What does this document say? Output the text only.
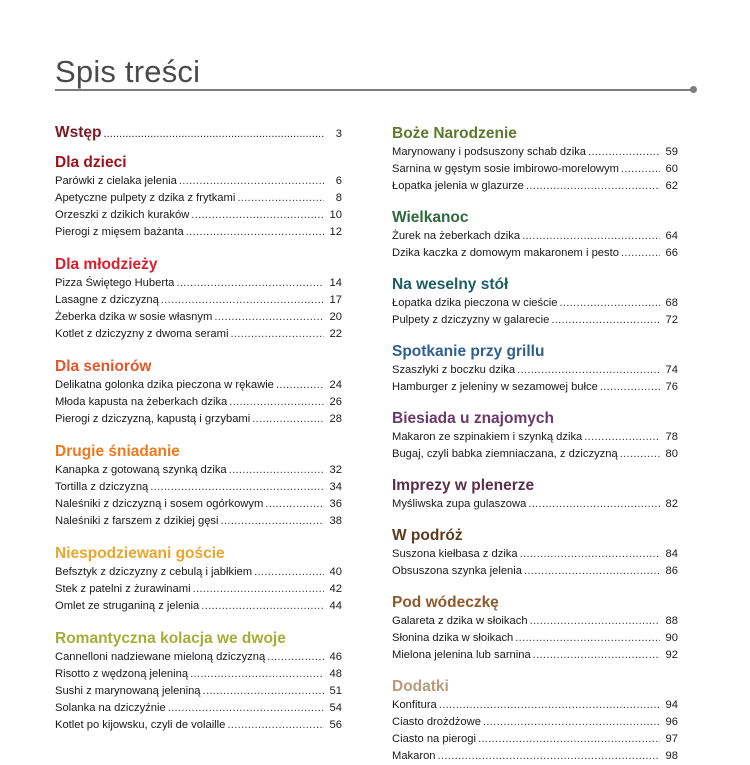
Spis treści
Wstęp .....	3
Dla dzieci
Parówki z cielaka jelenia .....	6
Apetyczne pulpety z dzika z frytkami .....	8
Orzeszki z dzikich kuraków .....	10
Pierogi z mięsem bażanta .....	12
Dla młodzieży
Pizza Świętego Huberta .....	14
Lasagne z dziczyzną .....	17
Żeberka dzika w sosie własnym .....	20
Kotlet z dziczyzny z dwoma serami .....	22
Dla seniorów
Delikatna golonka dzika pieczona w rękawie .....	24
Młoda kapusta na żeberkach dzika .....	26
Pierogi z dziczyzną, kapustą i grzybami .....	28
Drugie śniadanie
Kanapka z gotowaną szynką dzika .....	32
Tortilla z dziczyzną .....	34
Naleśniki z dziczyzną i sosem ogórkowym .....	36
Naleśniki z farszem z dzikiej gęsi .....	38
Niespodziewani goście
Befsztyk z dziczyzny z cebulą i jabłkiem .....	40
Stek z patelni z żurawinami .....	42
Omlet ze struganiną z jelenia .....	44
Romantyczna kolacja we dwoje
Cannelloni nadziewane mieloną dziczyzną .....	46
Risotto z wędzoną jeleniną .....	48
Sushi z marynowaną jeleniną .....	51
Solanka na dziczyźnie .....	54
Kotlet po kijowsku, czyli de volaille .....	56
Boże Narodzenie
Marynowany i podsuszony schab dzika .....	59
Sarnina w gęstym sosie imbirowo-morelowym .....	60
Łopatka jelenia w glazurze .....	62
Wielkanoc
Żurek na żeberkach dzika .....	64
Dzika kaczka z domowym makaronem i pesto .....	66
Na weselny stół
Łopatka dzika pieczona w cieście .....	68
Pulpety z dziczyzny w galarecie .....	72
Spotkanie przy grillu
Szaszłyki z boczku dzika .....	74
Hamburger z jeleniny w sezamowej bułce .....	76
Biesiada u znajomych
Makaron ze szpinakiem i szynką dzika .....	78
Bugaj, czyli babka ziemniaczana, z dziczyzną .....	80
Imprezy w plenerze
Myśliwska zupa gulaszowa .....	82
W podróż
Suszona kiełbasa z dzika .....	84
Obsuszona szynka jelenia .....	86
Pod wódeczkę
Galareta z dzika w słoikach .....	88
Słonina dzika w słoikach .....	90
Mielona jelenina lub sarnina .....	92
Dodatki
Konfitura .....	94
Ciasto drożdżowe .....	96
Ciasto na pierogi .....	97
Makaron .....	98
